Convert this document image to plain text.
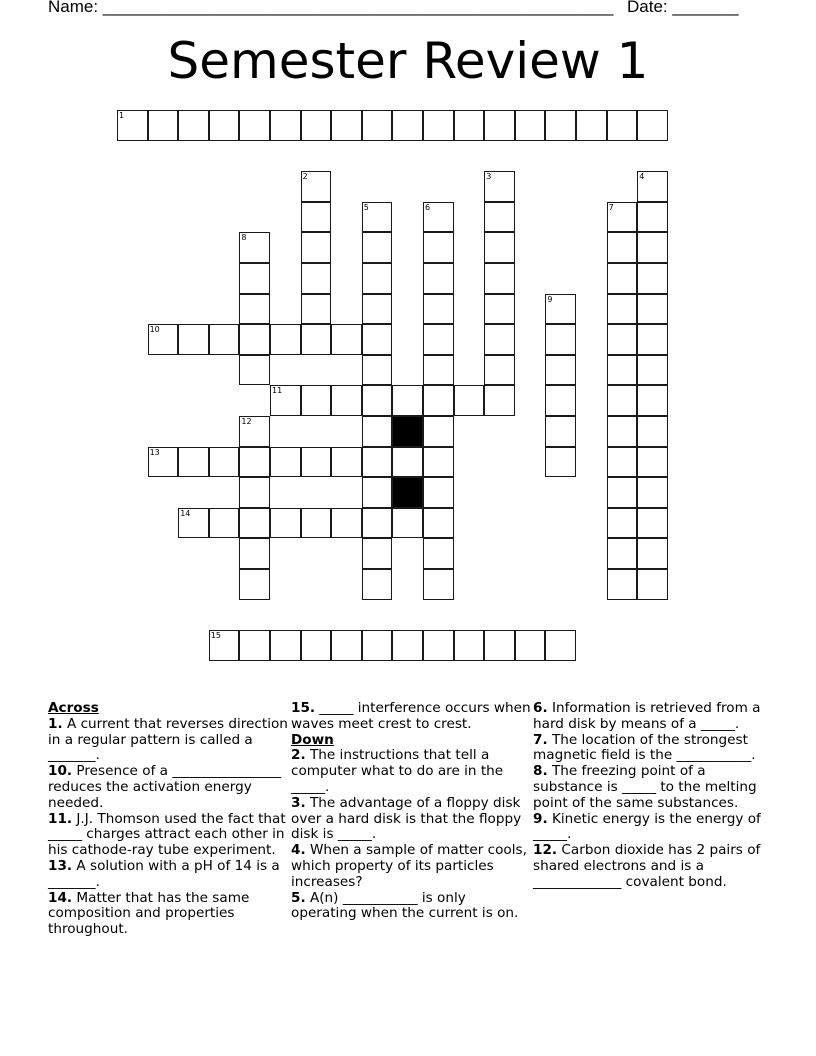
Name: ______________________________________________________ Date: _______
Semester Review 1
1
2	3	4
5	6	7
8
9
10
11
12
13
14
15
Across

1. A current that reverses direction in a regular pattern is called a _______.

10. Presence of a ________________ reduces the activation energy needed.

11. J.J. Thomson used the fact that _____ charges attract each other in his cathode-ray tube experiment.

13. A solution with a pH of 14 is a _______.

14. Matter that has the same composition and properties throughout.

15. _____ interference occurs when waves meet crest to crest.

Down

2. The instructions that tell a computer what to do are in the _____.

3. The advantage of a floppy disk over a hard disk is that the floppy disk is _____.

4. When a sample of matter cools, which property of its particles increases?

5. A(n) ___________ is only operating when the current is on.

6. Information is retrieved from a hard disk by means of a _____.

7. The location of the strongest magnetic field is the ___________.

8. The freezing point of a substance is _____ to the melting point of the same substances.

9. Kinetic energy is the energy of _____.

12. Carbon dioxide has 2 pairs of shared electrons and is a _____________ covalent bond.
